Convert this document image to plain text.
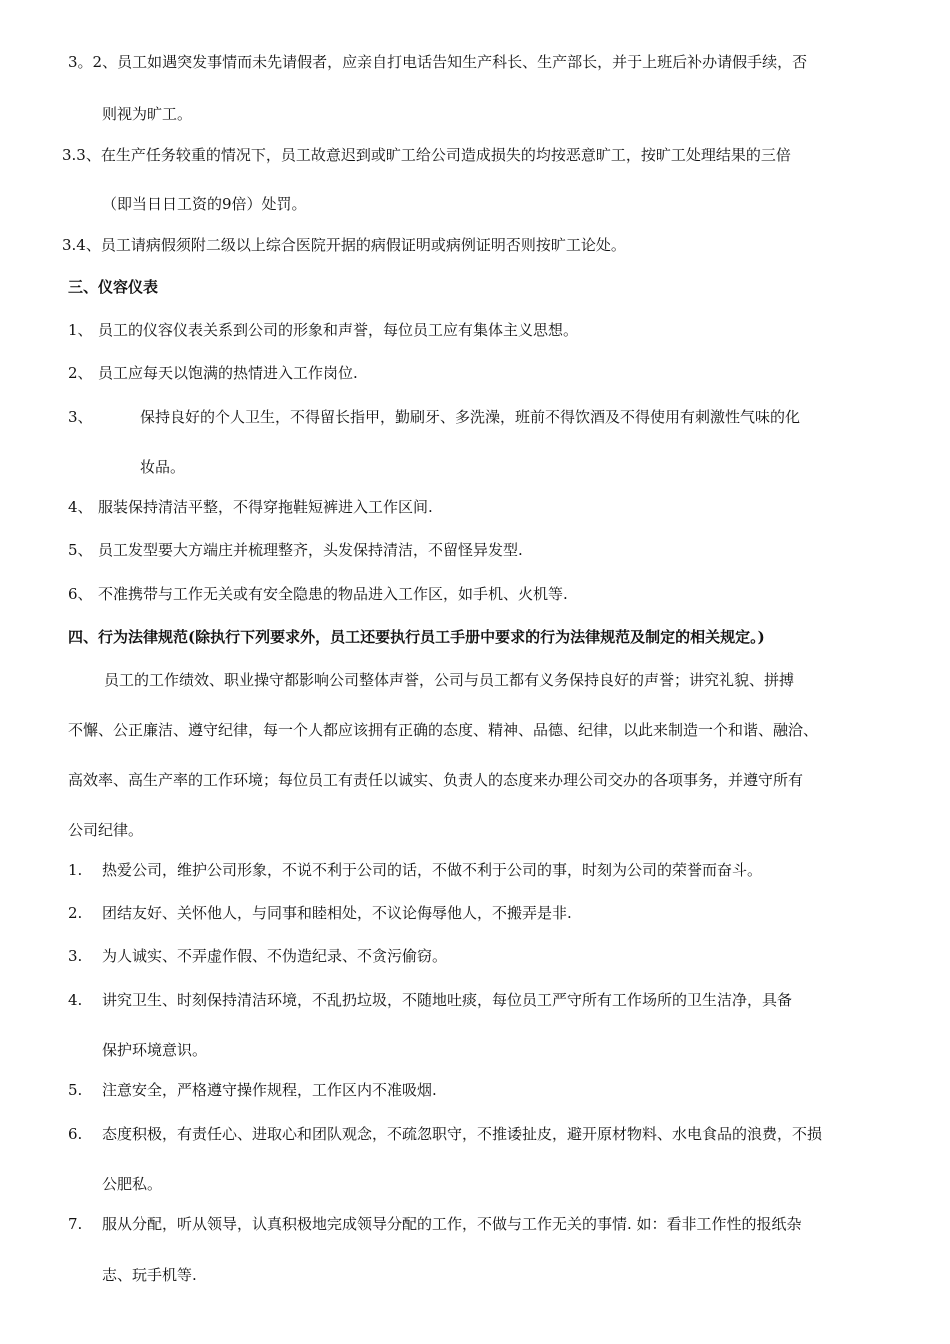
3。2、员工如遇突发事情而未先请假者，应亲自打电话告知生产科长、生产部长，并于上班后补办请假手续，否
则视为旷工。
3.3、在生产任务较重的情况下，员工故意迟到或旷工给公司造成损失的均按恶意旷工，按旷工处理结果的三倍
（即当日日工资的9倍）处罚。
3.4、员工请病假须附二级以上综合医院开据的病假证明或病例证明否则按旷工论处。
三、仪容仪表
1、 员工的仪容仪表关系到公司的形象和声誉，每位员工应有集体主义思想。
2、 员工应每天以饱满的热情进入工作岗位.
3、	保持良好的个人卫生，不得留长指甲，勤刷牙、多洗澡，班前不得饮酒及不得使用有刺激性气味的化
妆品。
4、 服装保持清洁平整，不得穿拖鞋短裤进入工作区间.
5、 员工发型要大方端庄并梳理整齐，头发保持清洁，不留怪异发型.
6、 不准携带与工作无关或有安全隐患的物品进入工作区，如手机、火机等.
四、行为法律规范(除执行下列要求外，员工还要执行员工手册中要求的行为法律规范及制定的相关规定。)
员工的工作绩效、职业操守都影响公司整体声誉，公司与员工都有义务保持良好的声誉；讲究礼貌、拼搏
不懈、公正廉洁、遵守纪律，每一个人都应该拥有正确的态度、精神、品德、纪律，以此来制造一个和谐、融洽、
高效率、高生产率的工作环境；每位员工有责任以诚实、负责人的态度来办理公司交办的各项事务，并遵守所有
公司纪律。
1. 热爱公司，维护公司形象，不说不利于公司的话，不做不利于公司的事，时刻为公司的荣誉而奋斗。
2. 团结友好、关怀他人，与同事和睦相处，不议论侮辱他人，不搬弄是非.
3. 为人诚实、不弄虚作假、不伪造纪录、不贪污偷窃。
4. 讲究卫生、时刻保持清洁环境，不乱扔垃圾，不随地吐痰，每位员工严守所有工作场所的卫生洁净，具备
保护环境意识。
5. 注意安全，严格遵守操作规程，工作区内不准吸烟.
6. 态度积极，有责任心、进取心和团队观念，不疏忽职守，不推诿扯皮，避开原材物料、水电食品的浪费，不损
公肥私。
7. 服从分配，听从领导，认真积极地完成领导分配的工作，不做与工作无关的事情. 如：看非工作性的报纸杂
志、玩手机等.
